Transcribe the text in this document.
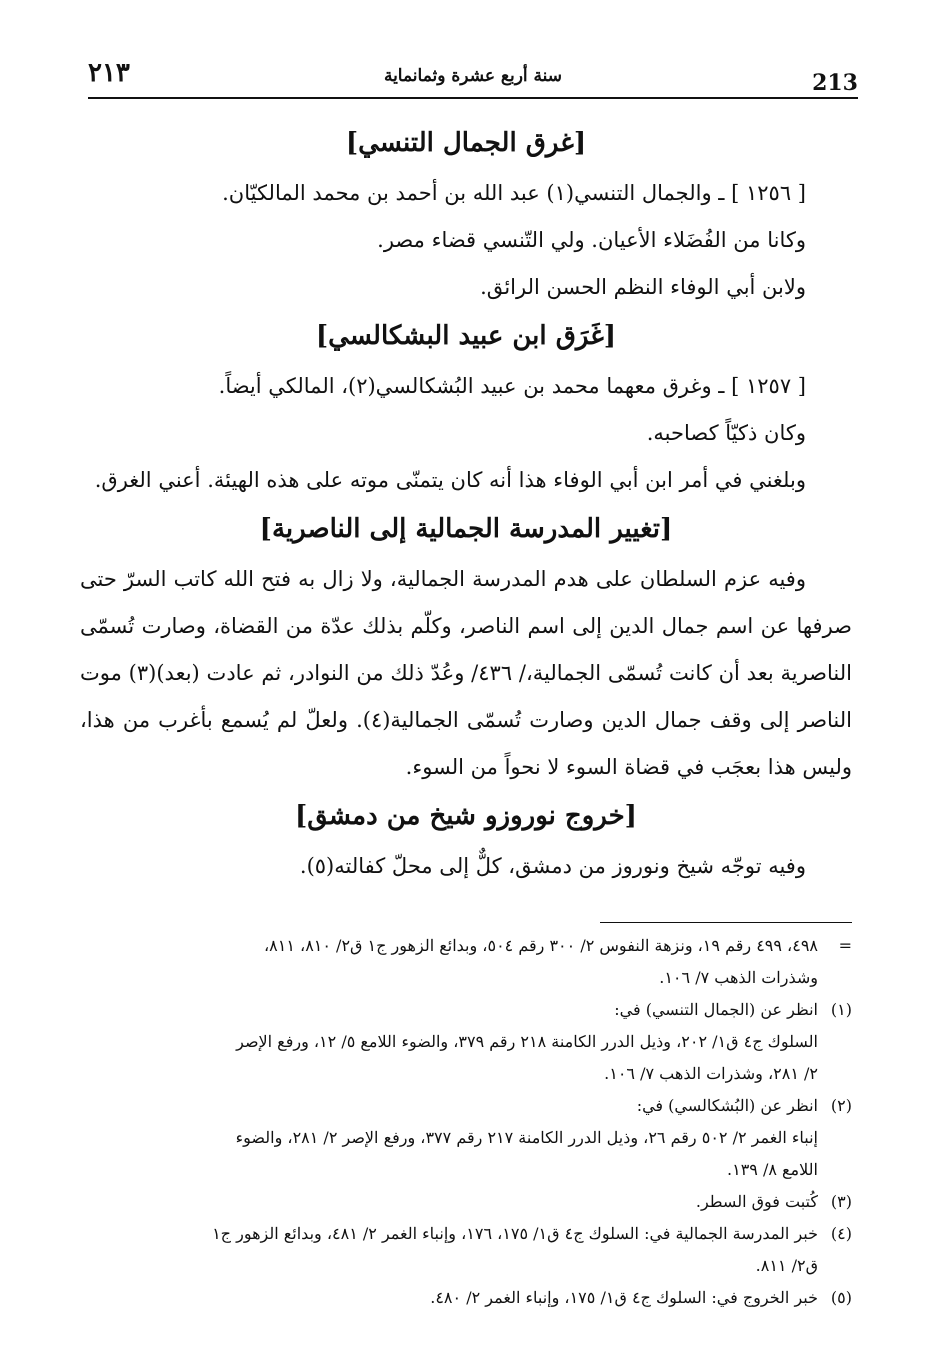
٢١٣	سنة أربع عشرة وثمانماية	213
[غرق الجمال التنسي]

[ ١٢٥٦ ] ـ والجمال التنسي(١) عبد الله بن أحمد بن محمد المالكيّان.

وكانا من الفُضَلاء الأعيان. ولي التّنسي قضاء مصر.

ولابن أبي الوفاء النظم الحسن الرائق.

[غَرَق ابن عبيد البشكالسي]

[ ١٢٥٧ ] ـ وغرق معهما محمد بن عبيد البُشكالسي(٢)، المالكي أيضاً.

وكان ذكيّاً كصاحبه.

وبلغني في أمر ابن أبي الوفاء هذا أنه كان يتمنّى موته على هذه الهيئة. أعني الغرق.

[تغيير المدرسة الجمالية إلى الناصرية]

وفيه عزم السلطان على هدم المدرسة الجمالية، ولا زال به فتح الله كاتب السرّ حتى صرفها عن اسم جمال الدين إلى اسم الناصر، وكلّم بذلك عدّة من القضاة، وصارت تُسمّى الناصرية بعد أن كانت تُسمّى الجمالية،/ ٤٣٦/ وعُدّ ذلك من النوادر، ثم عادت (بعد)(٣) موت الناصر إلى وقف جمال الدين وصارت تُسمّى الجمالية(٤). ولعلّ لم يُسمع بأغرب من هذا، وليس هذا بعجَب في قضاة السوء لا نحواً من السوء.

[خروج نوروزو شيخ من دمشق]

وفيه توجّه شيخ ونوروز من دمشق، كلٌّ إلى محلّ كفالته(٥).

=
٤٩٨، ٤٩٩ رقم ١٩، ونزهة النفوس ٢/ ٣٠٠ رقم ٥٠٤، وبدائع الزهور ج١ ق٢/ ٨١٠، ٨١١،
وشذرات الذهب ٧/ ١٠٦.
(١)
انظر عن (الجمال التنسي) في:
السلوك ج٤ ق١/ ٢٠٢، وذيل الدرر الكامنة ٢١٨ رقم ٣٧٩، والضوء اللامع ٥/ ١٢، ورفع الإصر
٢/ ٢٨١، وشذرات الذهب ٧/ ١٠٦.
(٢)
انظر عن (البُشكالسي) في:
إنباء الغمر ٢/ ٥٠٢ رقم ٢٦، وذيل الدرر الكامنة ٢١٧ رقم ٣٧٧، ورفع الإصر ٢/ ٢٨١، والضوء
اللامع ٨/ ١٣٩.
(٣)
كُتبت فوق السطر.
(٤)
خبر المدرسة الجمالية في: السلوك ج٤ ق١/ ١٧٥، ١٧٦، وإنباء الغمر ٢/ ٤٨١، وبدائع الزهور ج١
ق٢/ ٨١١.
(٥)
خبر الخروج في: السلوك ج٤ ق١/ ١٧٥، وإنباء الغمر ٢/ ٤٨٠.
